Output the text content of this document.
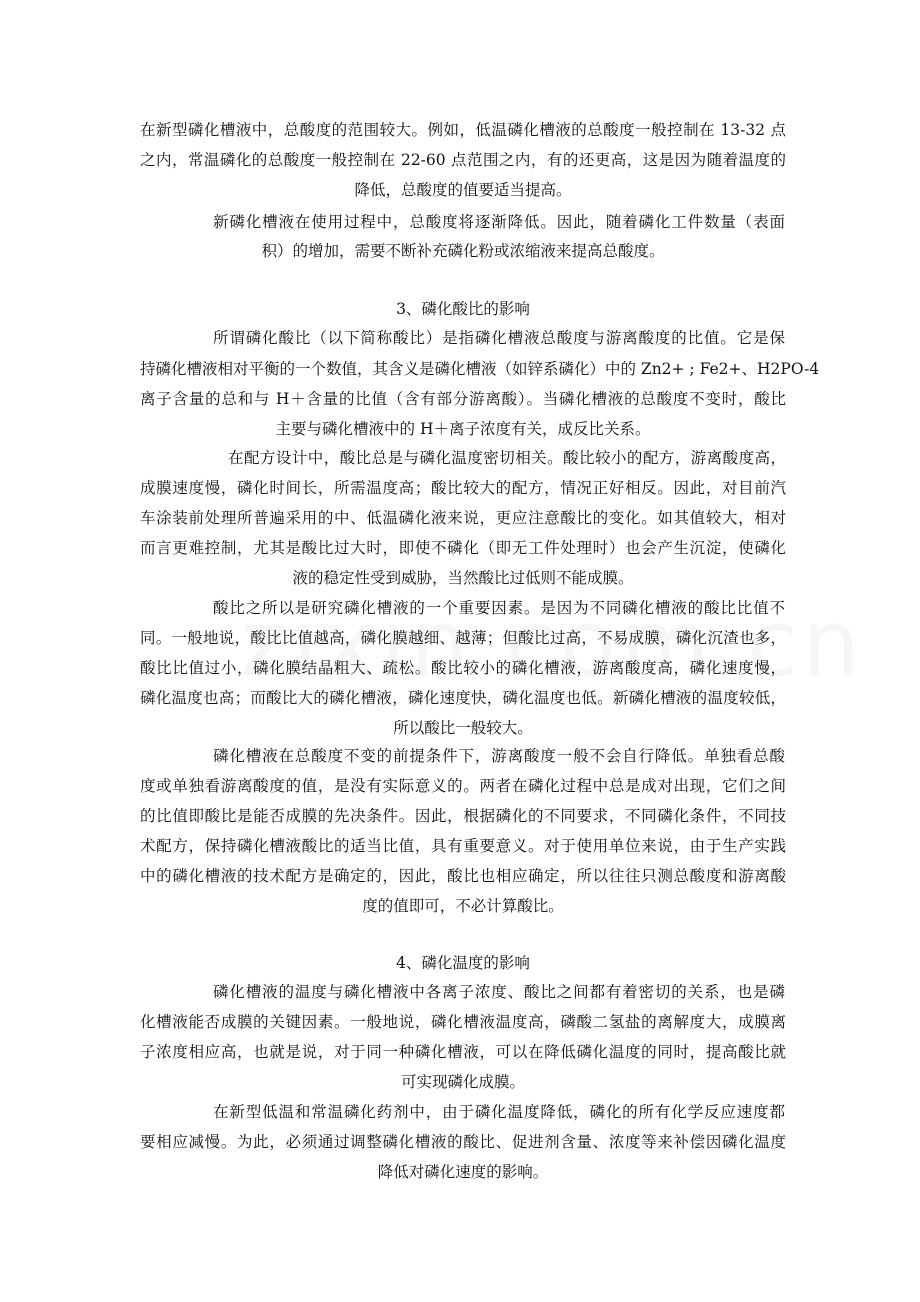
在新型磷化槽液中，总酸度的范围较大。例如，低温磷化槽液的总酸度一般控制在 13-32 点
之内，常温磷化的总酸度一般控制在 22-60 点范围之内，有的还更高，这是因为随着温度的
降低，总酸度的值要适当提高。
新磷化槽液在使用过程中，总酸度将逐渐降低。因此，随着磷化工件数量（表面
积）的增加，需要不断补充磷化粉或浓缩液来提高总酸度。
3、磷化酸比的影响
所谓磷化酸比（以下简称酸比）是指磷化槽液总酸度与游离酸度的比值。它是保
持磷化槽液相对平衡的一个数值，其含义是磷化槽液（如锌系磷化）中的 Zn2+ ; Fe2+、H2PO-4
离子含量的总和与 H＋含量的比值（含有部分游离酸）。当磷化槽液的总酸度不变时，酸比
主要与磷化槽液中的 H＋离子浓度有关，成反比关系。
在配方设计中，酸比总是与磷化温度密切相关。酸比较小的配方，游离酸度高，
成膜速度慢，磷化时间长，所需温度高；酸比较大的配方，情况正好相反。因此，对目前汽
车涂装前处理所普遍采用的中、低温磷化液来说，更应注意酸比的变化。如其值较大，相对
而言更难控制，尤其是酸比过大时，即使不磷化（即无工件处理时）也会产生沉淀，使磷化
液的稳定性受到威胁，当然酸比过低则不能成膜。
酸比之所以是研究磷化槽液的一个重要因素。是因为不同磷化槽液的酸比比值不
同。一般地说，酸比比值越高，磷化膜越细、越薄；但酸比过高，不易成膜，磷化沉渣也多，
酸比比值过小，磷化膜结晶粗大、疏松。酸比较小的磷化槽液，游离酸度高，磷化速度慢，
磷化温度也高；而酸比大的磷化槽液，磷化速度快，磷化温度也低。新磷化槽液的温度较低，
所以酸比一般较大。
磷化槽液在总酸度不变的前提条件下，游离酸度一般不会自行降低。单独看总酸
度或单独看游离酸度的值，是没有实际意义的。两者在磷化过程中总是成对出现，它们之间
的比值即酸比是能否成膜的先决条件。因此，根据磷化的不同要求，不同磷化条件，不同技
术配方，保持磷化槽液酸比的适当比值，具有重要意义。对于使用单位来说，由于生产实践
中的磷化槽液的技术配方是确定的，因此，酸比也相应确定，所以往往只测总酸度和游离酸
度的值即可，不必计算酸比。
4、磷化温度的影响
磷化槽液的温度与磷化槽液中各离子浓度、酸比之间都有着密切的关系，也是磷
化槽液能否成膜的关键因素。一般地说，磷化槽液温度高，磷酸二氢盐的离解度大，成膜离
子浓度相应高，也就是说，对于同一种磷化槽液，可以在降低磷化温度的同时，提高酸比就
可实现磷化成膜。
在新型低温和常温磷化药剂中，由于磷化温度降低，磷化的所有化学反应速度都
要相应减慢。为此，必须通过调整磷化槽液的酸比、促进剂含量、浓度等来补偿因磷化温度
降低对磷化速度的影响。
